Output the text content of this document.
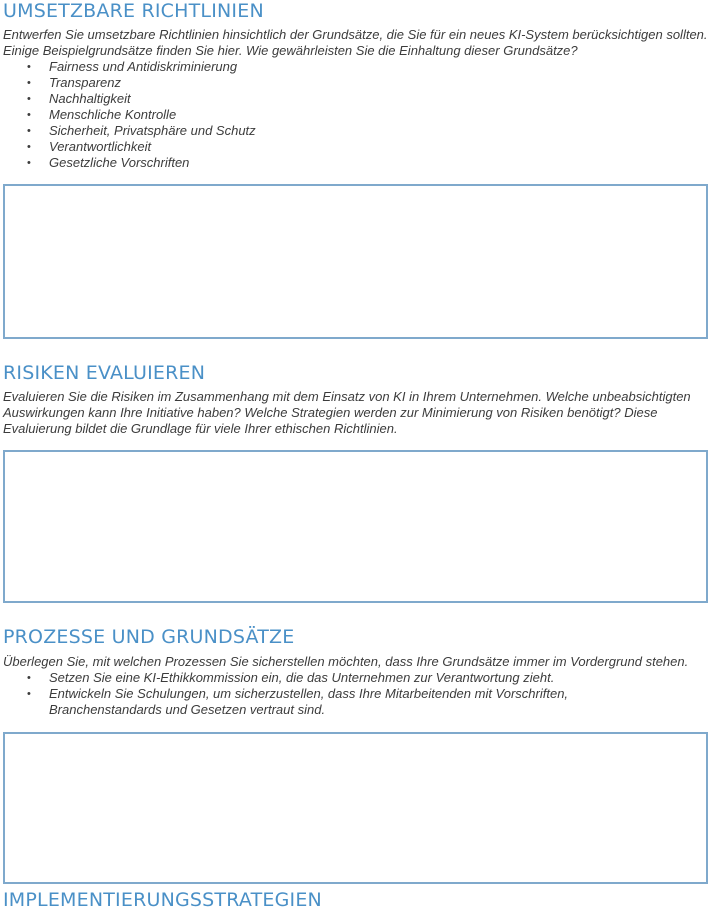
UMSETZBARE RICHTLINIEN

Entwerfen Sie umsetzbare Richtlinien hinsichtlich der Grundsätze, die Sie für ein neues KI-System berücksichtigen sollten. Einige Beispielgrundsätze finden Sie hier. Wie gewährleisten Sie die Einhaltung dieser Grundsätze?

• Fairness und Antidiskriminierung
• Transparenz
• Nachhaltigkeit
• Menschliche Kontrolle
• Sicherheit, Privatsphäre und Schutz
• Verantwortlichkeit
• Gesetzliche Vorschriften
RISIKEN EVALUIEREN

Evaluieren Sie die Risiken im Zusammenhang mit dem Einsatz von KI in Ihrem Unternehmen. Welche unbeabsichtigten Auswirkungen kann Ihre Initiative haben? Welche Strategien werden zur Minimierung von Risiken benötigt? Diese Evaluierung bildet die Grundlage für viele Ihrer ethischen Richtlinien.

PROZESSE UND GRUNDSÄTZE

Überlegen Sie, mit welchen Prozessen Sie sicherstellen möchten, dass Ihre Grundsätze immer im Vordergrund stehen.

• Setzen Sie eine KI-Ethikkommission ein, die das Unternehmen zur Verantwortung zieht.
• Entwickeln Sie Schulungen, um sicherzustellen, dass Ihre Mitarbeitenden mit Vorschriften, Branchenstandards und Gesetzen vertraut sind.
IMPLEMENTIERUNGSSTRATEGIEN
